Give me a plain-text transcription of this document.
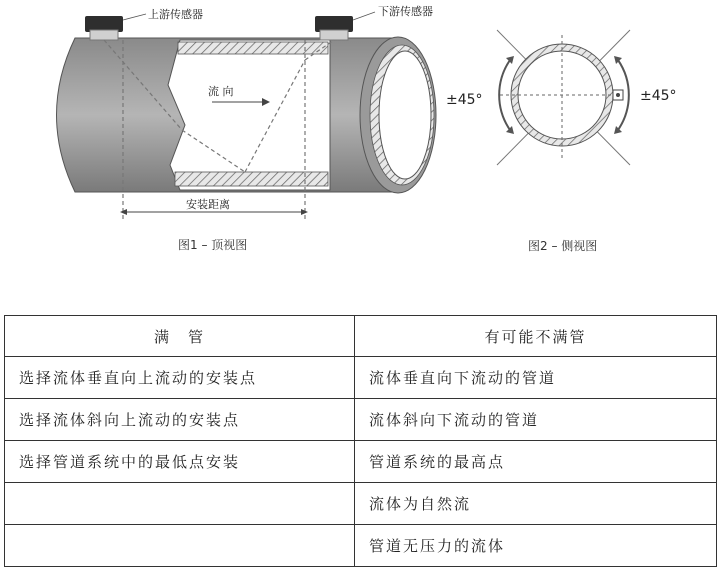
上游传感器	下游传感器
流 向
安装距离
±45°	±45°
图1 – 顶视图	图2 – 侧视图
满　管	有可能不满管
选择流体垂直向上流动的安装点	流体垂直向下流动的管道
选择流体斜向上流动的安装点	流体斜向下流动的管道
选择管道系统中的最低点安装	管道系统的最高点
	流体为自然流
	管道无压力的流体
